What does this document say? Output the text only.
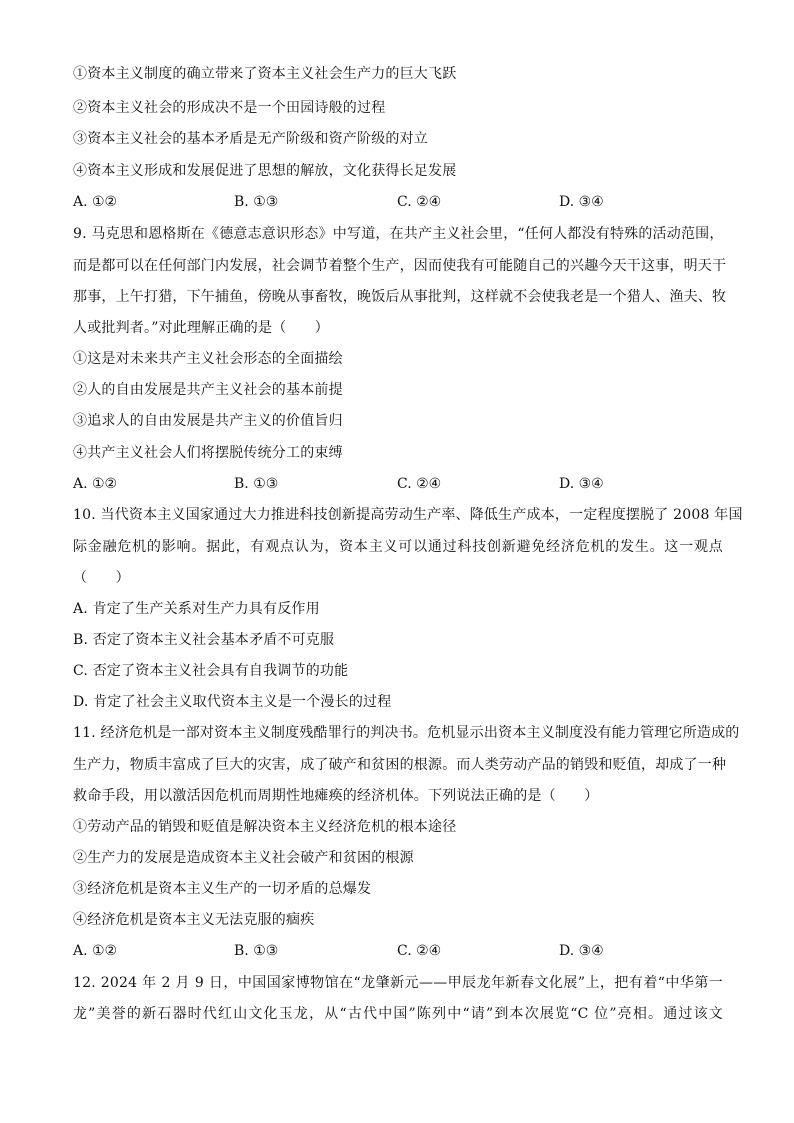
①资本主义制度的确立带来了资本主义社会生产力的巨大飞跃
②资本主义社会的形成决不是一个田园诗般的过程
③资本主义社会的基本矛盾是无产阶级和资产阶级的对立
④资本主义形成和发展促进了思想的解放，文化获得长足发展
A. ①②	B. ①③	C. ②④	D. ③④
9. 马克思和恩格斯在《德意志意识形态》中写道，在共产主义社会里，“任何人都没有特殊的活动范围，
而是都可以在任何部门内发展，社会调节着整个生产，因而使我有可能随自己的兴趣今天干这事，明天干
那事，上午打猎，下午捕鱼，傍晚从事畜牧，晚饭后从事批判，这样就不会使我老是一个猎人、渔夫、牧
人或批判者。”对此理解正确的是（　　）
①这是对未来共产主义社会形态的全面描绘
②人的自由发展是共产主义社会的基本前提
③追求人的自由发展是共产主义的价值旨归
④共产主义社会人们将摆脱传统分工的束缚
A. ①②	B. ①③	C. ②④	D. ③④
10. 当代资本主义国家通过大力推进科技创新提高劳动生产率、降低生产成本，一定程度摆脱了 2008 年国
际金融危机的影响。据此，有观点认为，资本主义可以通过科技创新避免经济危机的发生。这一观点
（　　）
A. 肯定了生产关系对生产力具有反作用
B. 否定了资本主义社会基本矛盾不可克服
C. 否定了资本主义社会具有自我调节的功能
D. 肯定了社会主义取代资本主义是一个漫长的过程
11. 经济危机是一部对资本主义制度残酷罪行的判决书。危机显示出资本主义制度没有能力管理它所造成的
生产力，物质丰富成了巨大的灾害，成了破产和贫困的根源。而人类劳动产品的销毁和贬值，却成了一种
救命手段，用以激活因危机而周期性地瘫痪的经济机体。下列说法正确的是（　　）
①劳动产品的销毁和贬值是解决资本主义经济危机的根本途径
②生产力的发展是造成资本主义社会破产和贫困的根源
③经济危机是资本主义生产的一切矛盾的总爆发
④经济危机是资本主义无法克服的痼疾
A. ①②	B. ①③	C. ②④	D. ③④
12. 2024 年 2 月 9 日，中国国家博物馆在“龙肇新元——甲辰龙年新春文化展”上，把有着“中华第一
龙”美誉的新石器时代红山文化玉龙，从“古代中国”陈列中“请”到本次展览“C 位”亮相。通过该文
